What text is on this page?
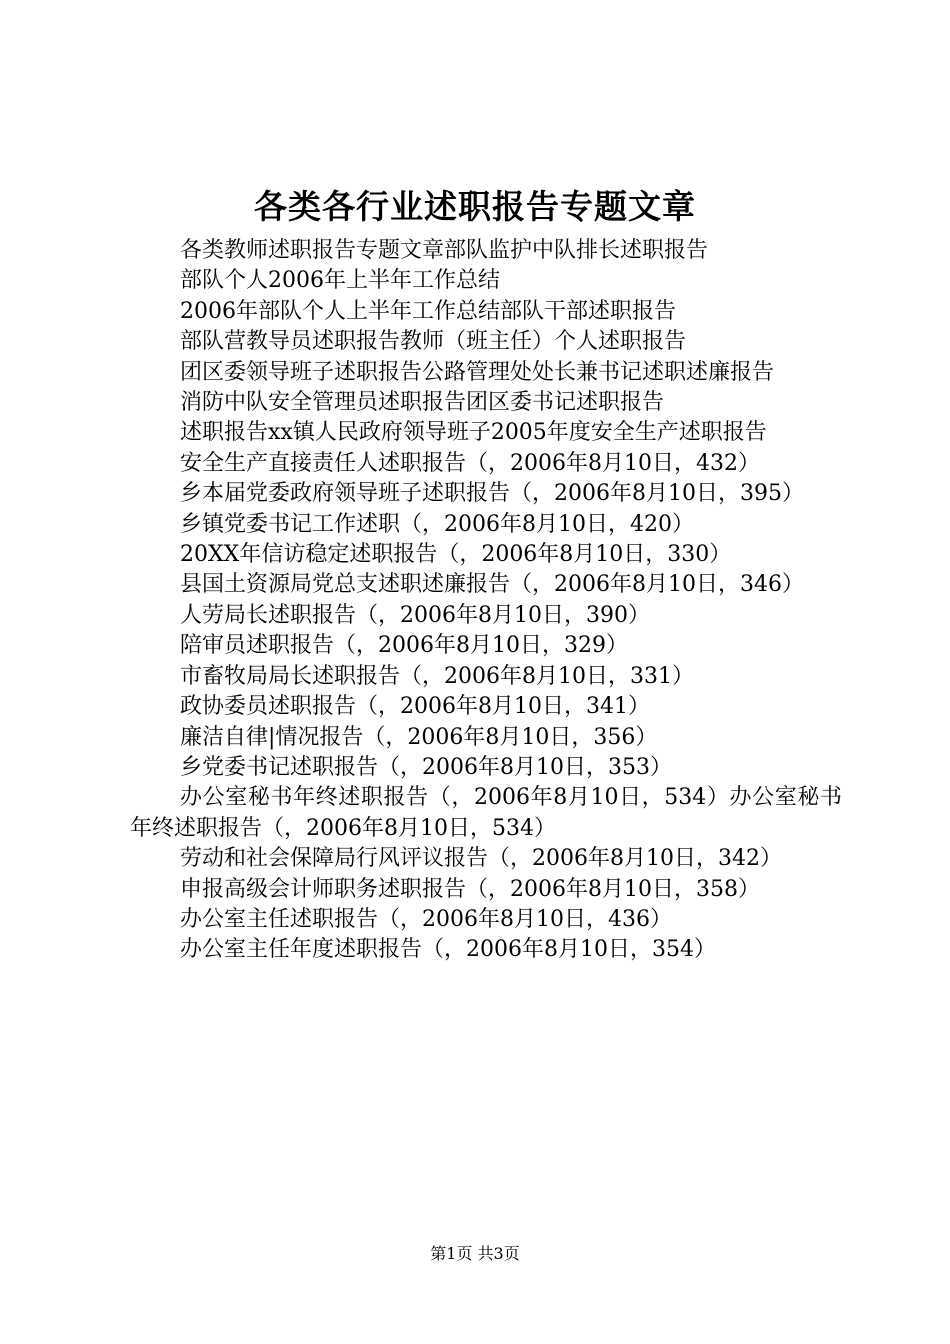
各类各行业述职报告专题文章

各类教师述职报告专题文章部队监护中队排长述职报告

部队个人2006年上半年工作总结

2006年部队个人上半年工作总结部队干部述职报告

部队营教导员述职报告教师（班主任）个人述职报告

团区委领导班子述职报告公路管理处处长兼书记述职述廉报告

消防中队安全管理员述职报告团区委书记述职报告

述职报告xx镇人民政府领导班子2005年度安全生产述职报告

安全生产直接责任人述职报告（，2006年8月10日，432）

乡本届党委政府领导班子述职报告（，2006年8月10日，395）

乡镇党委书记工作述职（，2006年8月10日，420）

20XX年信访稳定述职报告（，2006年8月10日，330）

县国土资源局党总支述职述廉报告（，2006年8月10日，346）

人劳局长述职报告（，2006年8月10日，390）

陪审员述职报告（，2006年8月10日，329）

市畜牧局局长述职报告（，2006年8月10日，331）

政协委员述职报告（，2006年8月10日，341）

廉洁自律|情况报告（，2006年8月10日，356）

乡党委书记述职报告（，2006年8月10日，353）

办公室秘书年终述职报告（，2006年8月10日，534）办公室秘书年终述职报告（，2006年8月10日，534）

劳动和社会保障局行风评议报告（，2006年8月10日，342）

申报高级会计师职务述职报告（，2006年8月10日，358）

办公室主任述职报告（，2006年8月10日，436）

办公室主任年度述职报告（，2006年8月10日，354）

第1页 共3页
